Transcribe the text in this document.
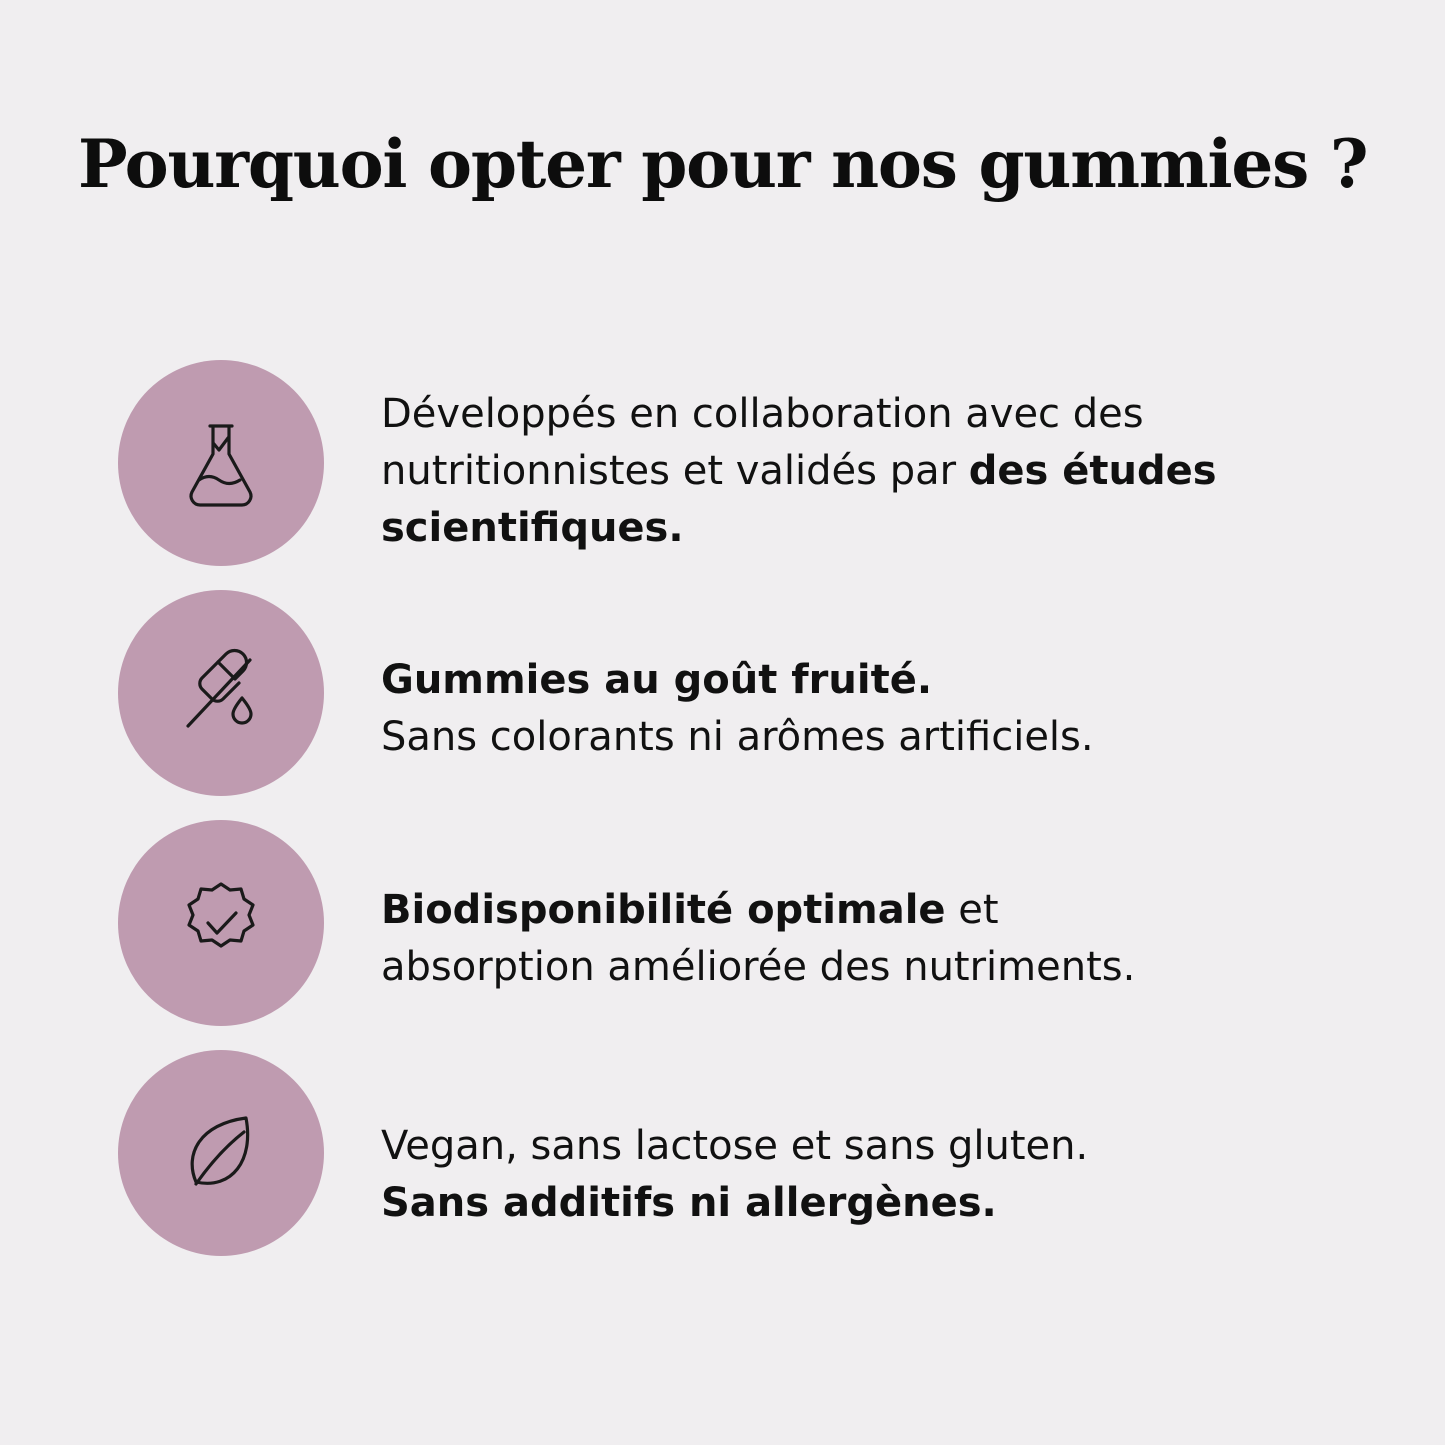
Pourquoi opter pour nos gummies ?
Développés en collaboration avec des nutritionnistes et validés par des études scientifiques.
Gummies au goût fruité.
Sans colorants ni arômes artificiels.
Biodisponibilité optimale et
absorption améliorée des nutriments.
Vegan, sans lactose et sans gluten.
Sans additifs ni allergènes.
